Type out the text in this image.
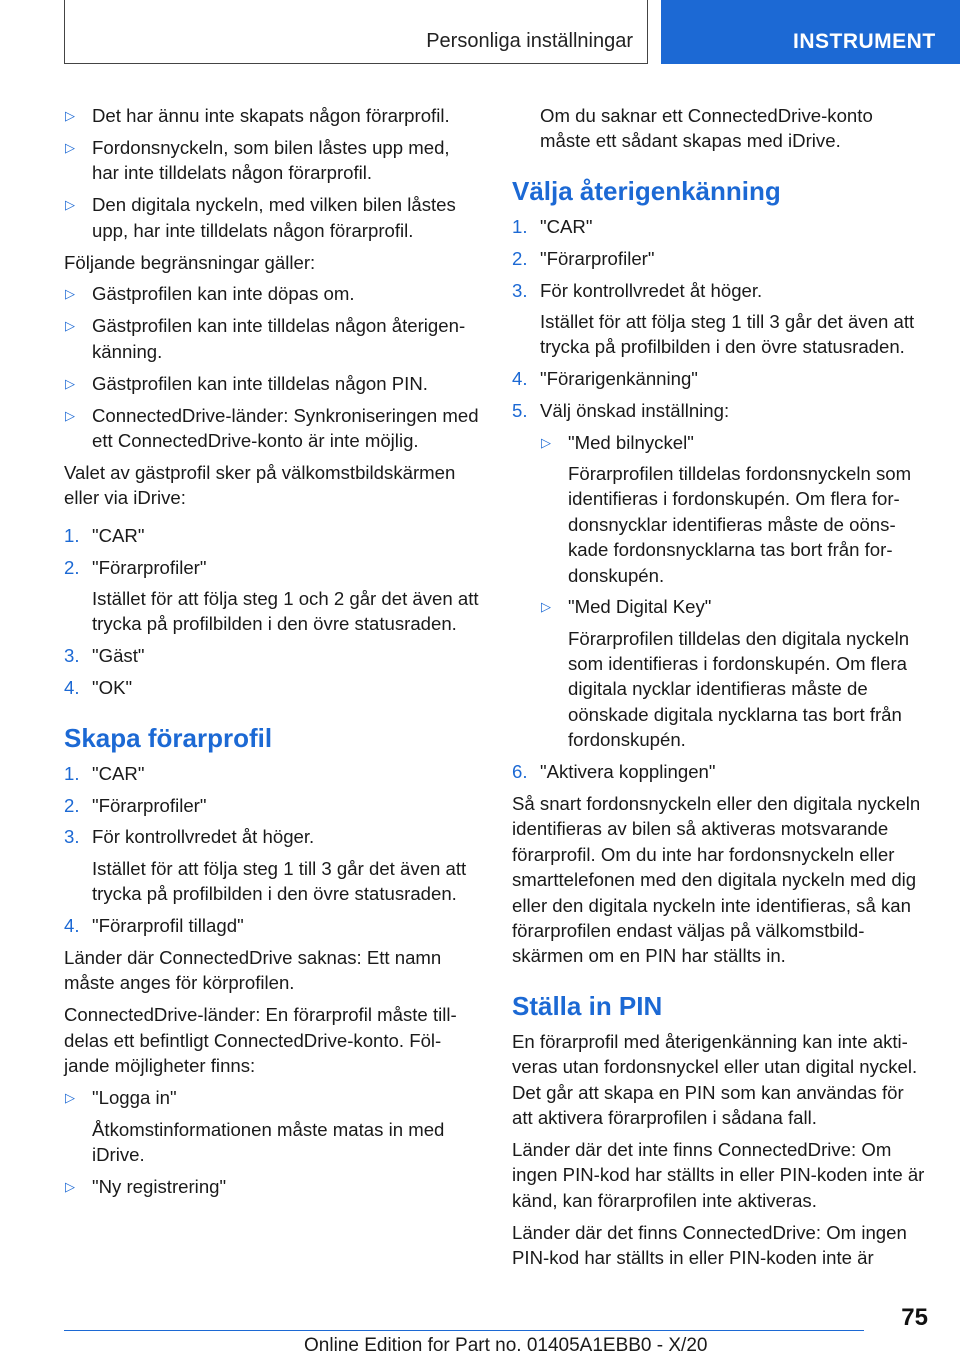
Personliga inställningar	INSTRUMENT
▷ Det har ännu inte skapats någon förarprofil.
▷ Fordonsnyckeln, som bilen låstes upp med, har inte tilldelats någon förarprofil.
▷ Den digitala nyckeln, med vilken bilen låstes upp, har inte tilldelats någon förarprofil.

Följande begränsningar gäller:

▷ Gästprofilen kan inte döpas om.
▷ Gästprofilen kan inte tilldelas någon återigenkänning.
▷ Gästprofilen kan inte tilldelas någon PIN.
▷ ConnectedDrive-länder: Synkroniseringen med ett ConnectedDrive-konto är inte möjlig.

Valet av gästprofil sker på välkomstbildskärmen eller via iDrive:

1. "CAR"
2. "Förarprofiler"
Istället för att följa steg 1 och 2 går det även att trycka på profilbilden i den övre statusraden.
3. "Gäst"
4. "OK"
Skapa förarprofil
1. "CAR"
2. "Förarprofiler"
3. För kontrollvredet åt höger.
Istället för att följa steg 1 till 3 går det även att trycka på profilbilden i den övre statusraden.
4. "Förarprofil tillagd"

Länder där ConnectedDrive saknas: Ett namn måste anges för körprofilen.

ConnectedDrive-länder: En förarprofil måste tilldelas ett befintligt ConnectedDrive-konto. Följande möjligheter finns:

▷ "Logga in"
Åtkomstinformationen måste matas in med iDrive.
▷ "Ny registrering"

Om du saknar ett ConnectedDrive-konto måste ett sådant skapas med iDrive.

Välja återigenkänning
1. "CAR"
2. "Förarprofiler"
3. För kontrollvredet åt höger.
Istället för att följa steg 1 till 3 går det även att trycka på profilbilden i den övre statusraden.
4. "Förarigenkänning"
5. Välj önskad inställning:
▷ "Med bilnyckel"
Förarprofilen tilldelas fordonsnyckeln som identifieras i fordonskupén. Om flera fordonsnycklar identifieras måste de oönskade fordonsnycklarna tas bort från fordonskupén.
▷ "Med Digital Key"
Förarprofilen tilldelas den digitala nyckeln som identifieras i fordonskupén. Om flera digitala nycklar identifieras måste de oönskade digitala nycklarna tas bort från fordonskupén.
6. "Aktivera kopplingen"

Så snart fordonsnyckeln eller den digitala nyckeln identifieras av bilen så aktiveras motsvarande förarprofil. Om du inte har fordonsnyckeln eller smarttelefonen med den digitala nyckeln med dig eller den digitala nyckeln inte identifieras, så kan förarprofilen endast väljas på välkomstbildskärmen om en PIN har ställts in.

Ställa in PIN

En förarprofil med återigenkänning kan inte aktiveras utan fordonsnyckel eller utan digital nyckel. Det går att skapa en PIN som kan användas för att aktivera förarprofilen i sådana fall.

Länder där det inte finns ConnectedDrive: Om ingen PIN-kod har ställts in eller PIN-koden inte är känd, kan förarprofilen inte aktiveras.

Länder där det finns ConnectedDrive: Om ingen PIN-kod har ställts in eller PIN-koden inte är

75
Online Edition for Part no. 01405A1EBB0 - X/20
